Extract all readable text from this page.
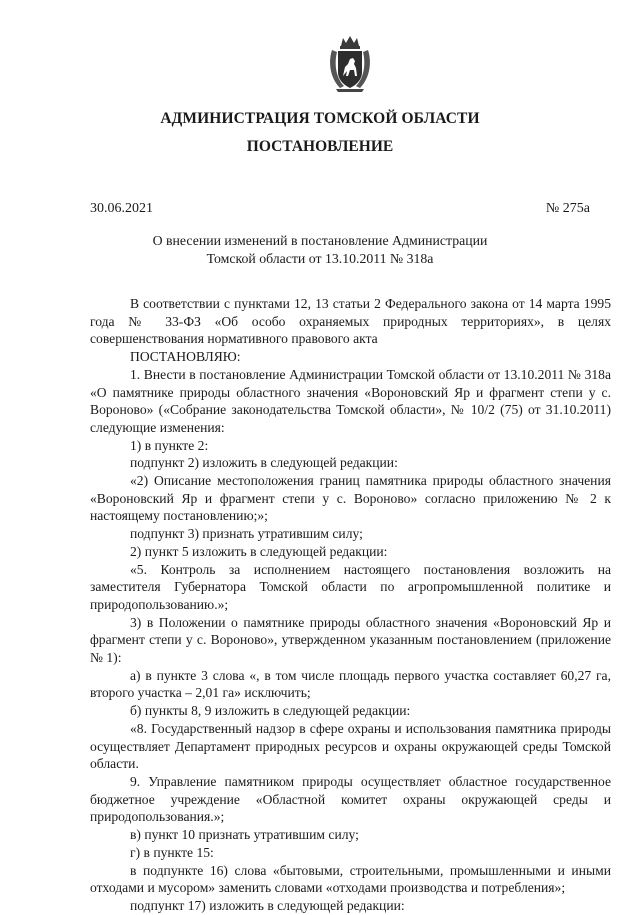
АДМИНИСТРАЦИЯ ТОМСКОЙ ОБЛАСТИ
ПОСТАНОВЛЕНИЕ
30.06.2021	№ 275а
О внесении изменений в постановление Администрации
Томской области от 13.10.2011 № 318а

В соответствии с пунктами 12, 13 статьи 2 Федерального закона от 14 марта 1995 года № 33-ФЗ «Об особо охраняемых природных территориях», в целях совершенствования нормативного правового акта

ПОСТАНОВЛЯЮ:

1. Внести в постановление Администрации Томской области от 13.10.2011 № 318а «О памятнике природы областного значения «Вороновский Яр и фрагмент степи у с. Вороново» («Собрание законодательства Томской области», № 10/2 (75) от 31.10.2011) следующие изменения:

1) в пункте 2:

подпункт 2) изложить в следующей редакции:

«2) Описание местоположения границ памятника природы областного значения «Вороновский Яр и фрагмент степи у с. Вороново» согласно приложению № 2 к настоящему постановлению;»;

подпункт 3) признать утратившим силу;

2) пункт 5 изложить в следующей редакции:

«5. Контроль за исполнением настоящего постановления возложить на заместителя Губернатора Томской области по агропромышленной политике и природопользованию.»;

3) в Положении о памятнике природы областного значения «Вороновский Яр и фрагмент степи у с. Вороново», утвержденном указанным постановлением (приложение № 1):

а) в пункте 3 слова «, в том числе площадь первого участка составляет 60,27 га, второго участка – 2,01 га» исключить;

б) пункты 8, 9 изложить в следующей редакции:

«8. Государственный надзор в сфере охраны и использования памятника природы осуществляет Департамент природных ресурсов и охраны окружающей среды Томской области.

9. Управление памятником природы осуществляет областное государственное бюджетное учреждение «Областной комитет охраны окружающей среды и природопользования.»;

в) пункт 10 признать утратившим силу;

г) в пункте 15:

в подпункте 16) слова «бытовыми, строительными, промышленными и иными отходами и мусором» заменить словами «отходами производства и потребления»;

подпункт 17) изложить в следующей редакции:
